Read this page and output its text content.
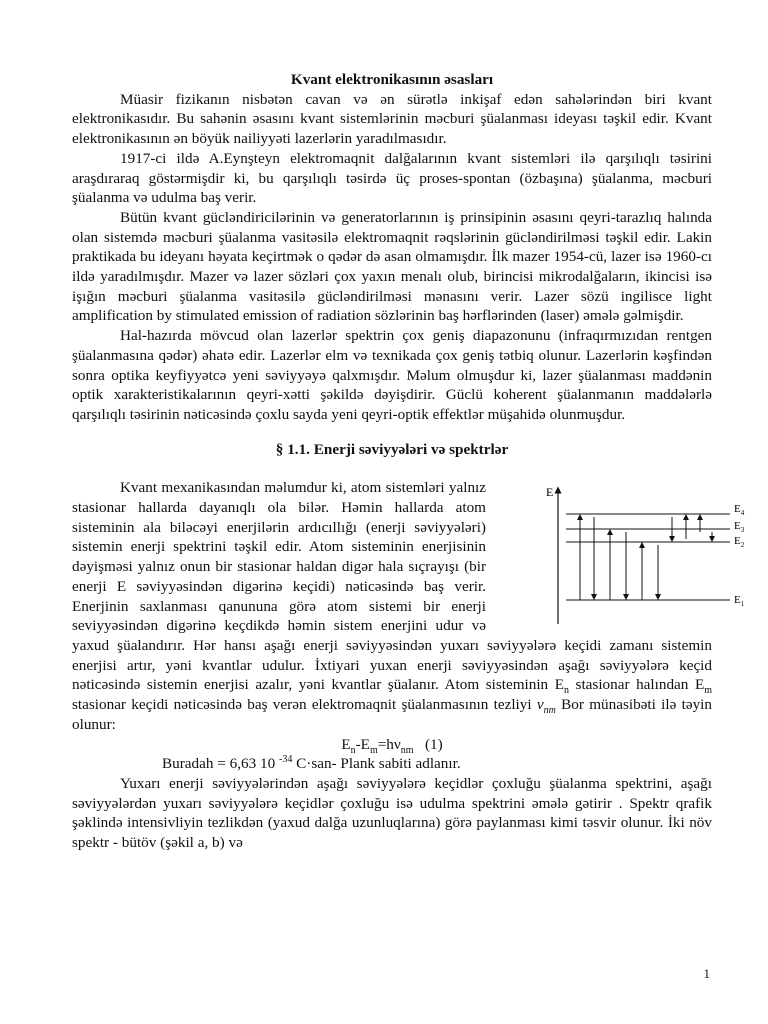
Kvant elektronikasının əsasları

Müasir fizikanın nisbətən cavan və ən sürətlə inkişaf edən sahələrindən biri kvant elektronikasıdır. Bu sahənin əsasını kvant sistemlərinin məcburi şüalanması ideyası təşkil edir. Kvant elektronikasının ən böyük nailiyyəti lazerlərin yaradılmasıdır.

1917-ci ildə A.Eynştеyn elektromaqnit dalğalarının kvant sistemləri ilə qarşılıqlı təsirini araşdıraraq göstərmişdir ki, bu qarşılıqlı təsirdə üç proses-spontan (özbaşına) şüalanma, məcburi şüalanma və udulma baş verir.

Bütün kvant gücləndiricilərinin və generatorlarının iş prinsipinin əsasını qeyri-tarazlıq halında olan sistemdə məcburi şüalanma vasitəsilə elektromaqnit rəqslərinin gücləndirilməsi təşkil edir. Lakin praktikada bu ideyanı həyata keçirtmək o qədər də asan olmamışdır. İlk mazer 1954-cü, lazer isə 1960-cı ildə yaradılmışdır. Mazer və lazer sözləri çox yaxın menalı olub, birincisi mikrodalğaların, ikincisi isə işığın məcburi şüalanma vasitəsilə gücləndirilməsi mənasını verir. Lazer sözü ingilisce light amplification by stimulated emission of radiation sözlərinin baş hərflərinden (laser) əmələ gəlmişdir.

Hal-hazırda mövcud olan lazerlər spektrin çox geniş diapazonunu (infraqırmızıdan rentgen şüalanmasına qədər) əhatə edir. Lazerlər elm və texnikada çox geniş tətbiq olunur. Lazerlərin kəşfindən sonra optika keyfiyyətcə yeni səviyyəyə qalxmışdır. Məlum olmuşdur ki, lazer şüalanması maddənin optik xarakteristikalarının qeyri-xətti şəkildə dəyişdirir. Güclü koherent şüalanmanın maddələrlə qarşılıqlı təsirinin nəticəsində çoxlu sayda yeni qeyri-optik effektlər müşahidə olunmuşdur.

§ 1.1. Enerji səviyyələri və spektrlər

E
$E_4$
$E_3$
$E_2$
$E_1$
Kvant mexanikasından məlumdur ki, atom sistemləri yalnız stasionar hallarda dayanıqlı ola bilər. Həmin hallarda atom sisteminin ala biləcəyi enerjilərin ardıcıllığı (enerji səviyyələri) sistemin enerji spektrini təşkil edir. Atom sisteminin enerjisinin dəyişməsi yalnız onun bir stasionar haldan digər hala sıçrayışı (bir enerji E səviyyəsindən digərinə keçidi) nəticəsində baş verir. Enerjinin saxlanması qanununa görə atom sistemi bir enerji seviyyəsindən digərinə keçdikdə həmin sistem enerjini udur və yaxud şüalandırır. Hər hansı aşağı enerji səviyyəsindən yuxarı səviyyələrə keçidi zamanı sistemin enerjisi artır, yəni kvantlar udulur. İxtiyari yuxan enerji səviyyəsindən aşağı səviyyələrə keçid nəticəsində sistemin enerjisi azalır, yəni kvantlar şüalanır. Atom sisteminin $E_n$ stasionar halından $E_m$ stasionar keçidi nəticəsində baş verən elektromaqnit şüalanmasının tezliyi $\nu_{nm}$ Bor münasibəti ilə təyin olunur:

$E_n-E_m=h\nu_{nm}$ (1)

Buradah = 6,63 10 $^{-34}$ C·san- Plank sabiti adlanır.

Yuxarı enerji səviyyələrindən aşağı səviyyələrə keçidlər çoxluğu şüalanma spektrini, aşağı səviyyələrdən yuxarı səviyyələrə keçidlər çoxluğu isə udulma spektrini əmələ gətirir . Spektr qrafik şəklində intensivliyin tezlikdən (yaxud dalğa uzunluqlarına) görə paylanması kimi təsvir olunur. İki növ spektr - bütöv (şəkil a, b) və

1
